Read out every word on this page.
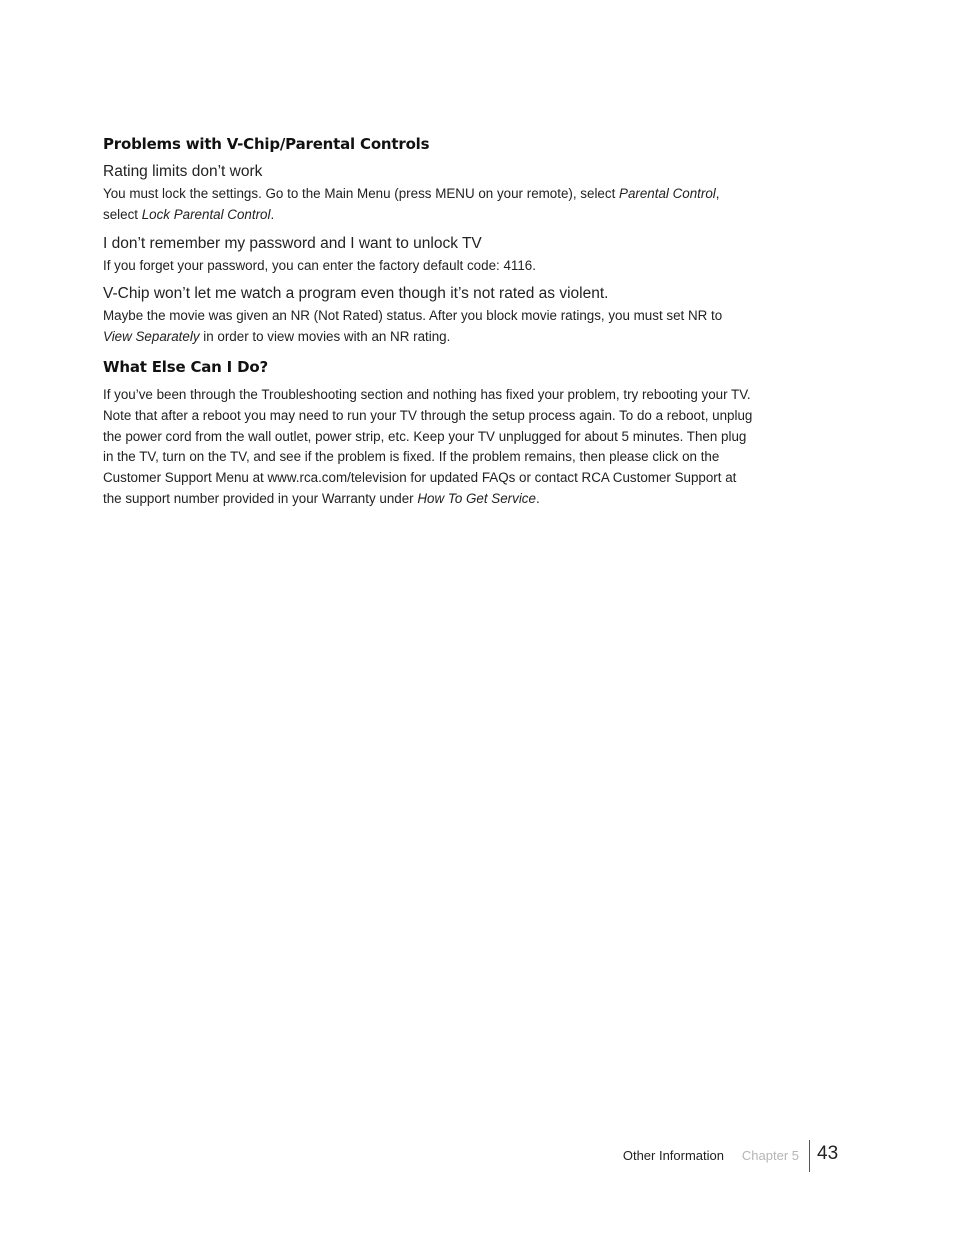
Problems with V-Chip/Parental Controls
Rating limits don’t work

You must lock the settings. Go to the Main Menu (press MENU on your remote), select Parental Control, select Lock Parental Control.

I don’t remember my password and I want to unlock TV

If you forget your password, you can enter the factory default code: 4116.

V-Chip won’t let me watch a program even though it’s not rated as violent.

Maybe the movie was given an NR (Not Rated) status. After you block movie ratings, you must set NR to View Separately in order to view movies with an NR rating.

What Else Can I Do?

If you’ve been through the Troubleshooting section and nothing has fixed your problem, try rebooting your TV. Note that after a reboot you may need to run your TV through the setup process again. To do a reboot, unplug the power cord from the wall outlet, power strip, etc. Keep your TV unplugged for about 5 minutes. Then plug in the TV, turn on the TV, and see if the problem is fixed. If the problem remains, then please click on the Customer Support Menu at www.rca.com/television for updated FAQs or contact RCA Customer Support at the support number provided in your Warranty under How To Get Service.

Other Information Chapter 5 43
